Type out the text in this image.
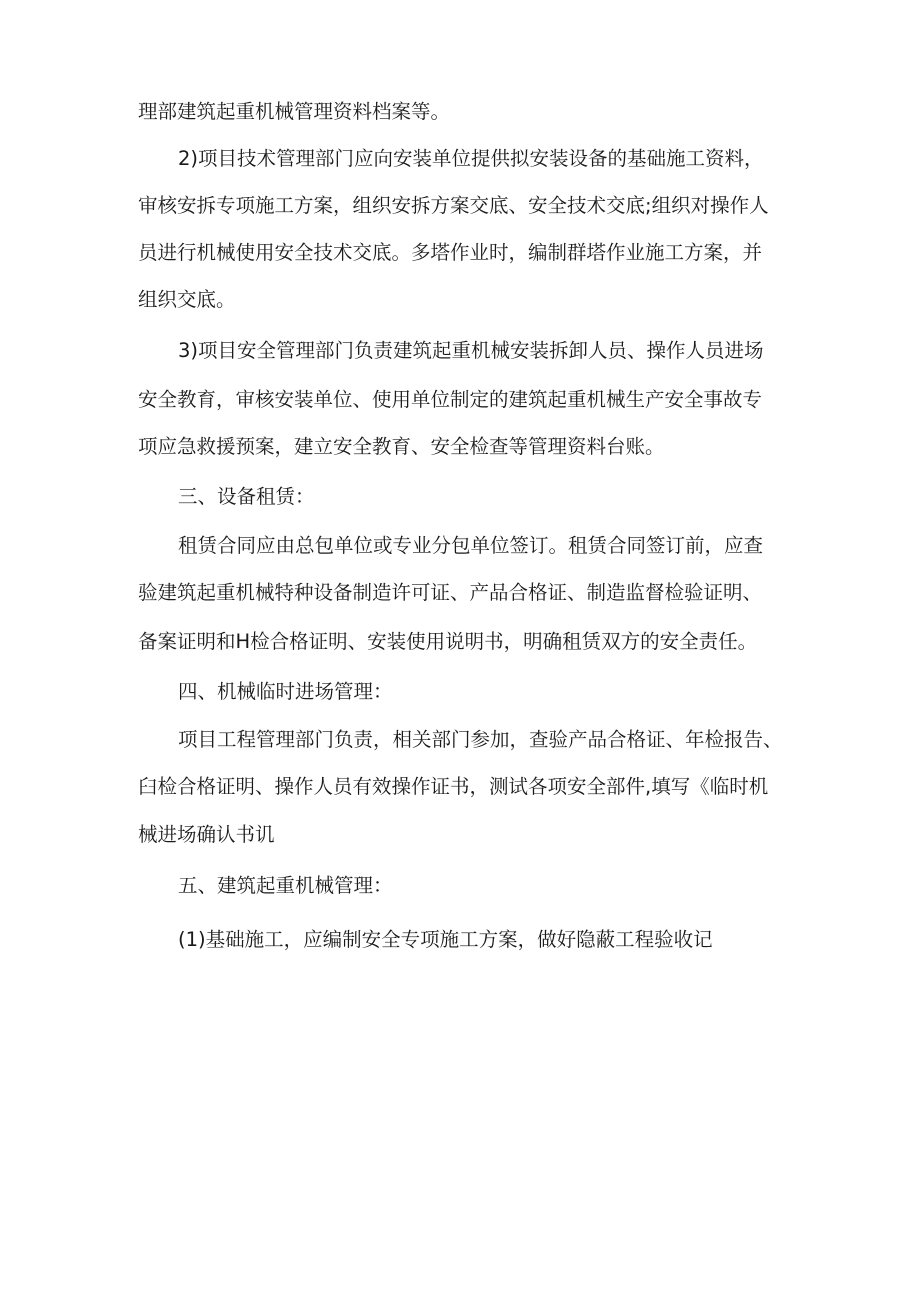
理部建筑起重机械管理资料档案等。

2)项目技术管理部门应向安装单位提供拟安装设备的基础施工资料，

审核安拆专项施工方案，组织安拆方案交底、安全技术交底;组织对操作人

员进行机械使用安全技术交底。多塔作业时，编制群塔作业施工方案，并

组织交底。

3)项目安全管理部门负责建筑起重机械安装拆卸人员、操作人员进场

安全教育，审核安装单位、使用单位制定的建筑起重机械生产安全事故专

项应急救援预案，建立安全教育、安全检查等管理资料台账。

三、设备租赁：

租赁合同应由总包单位或专业分包单位签订。租赁合同签订前，应查

验建筑起重机械特种设备制造许可证、产品合格证、制造监督检验证明、

备案证明和H检合格证明、安装使用说明书，明确租赁双方的安全责任。

四、机械临时进场管理：

项目工程管理部门负责，相关部门参加，查验产品合格证、年检报告、

臼检合格证明、操作人员有效操作证书，测试各项安全部件,填写《临时机

械进场确认书讥

五、建筑起重机械管理：

(1)基础施工，应编制安全专项施工方案，做好隐蔽工程验收记
